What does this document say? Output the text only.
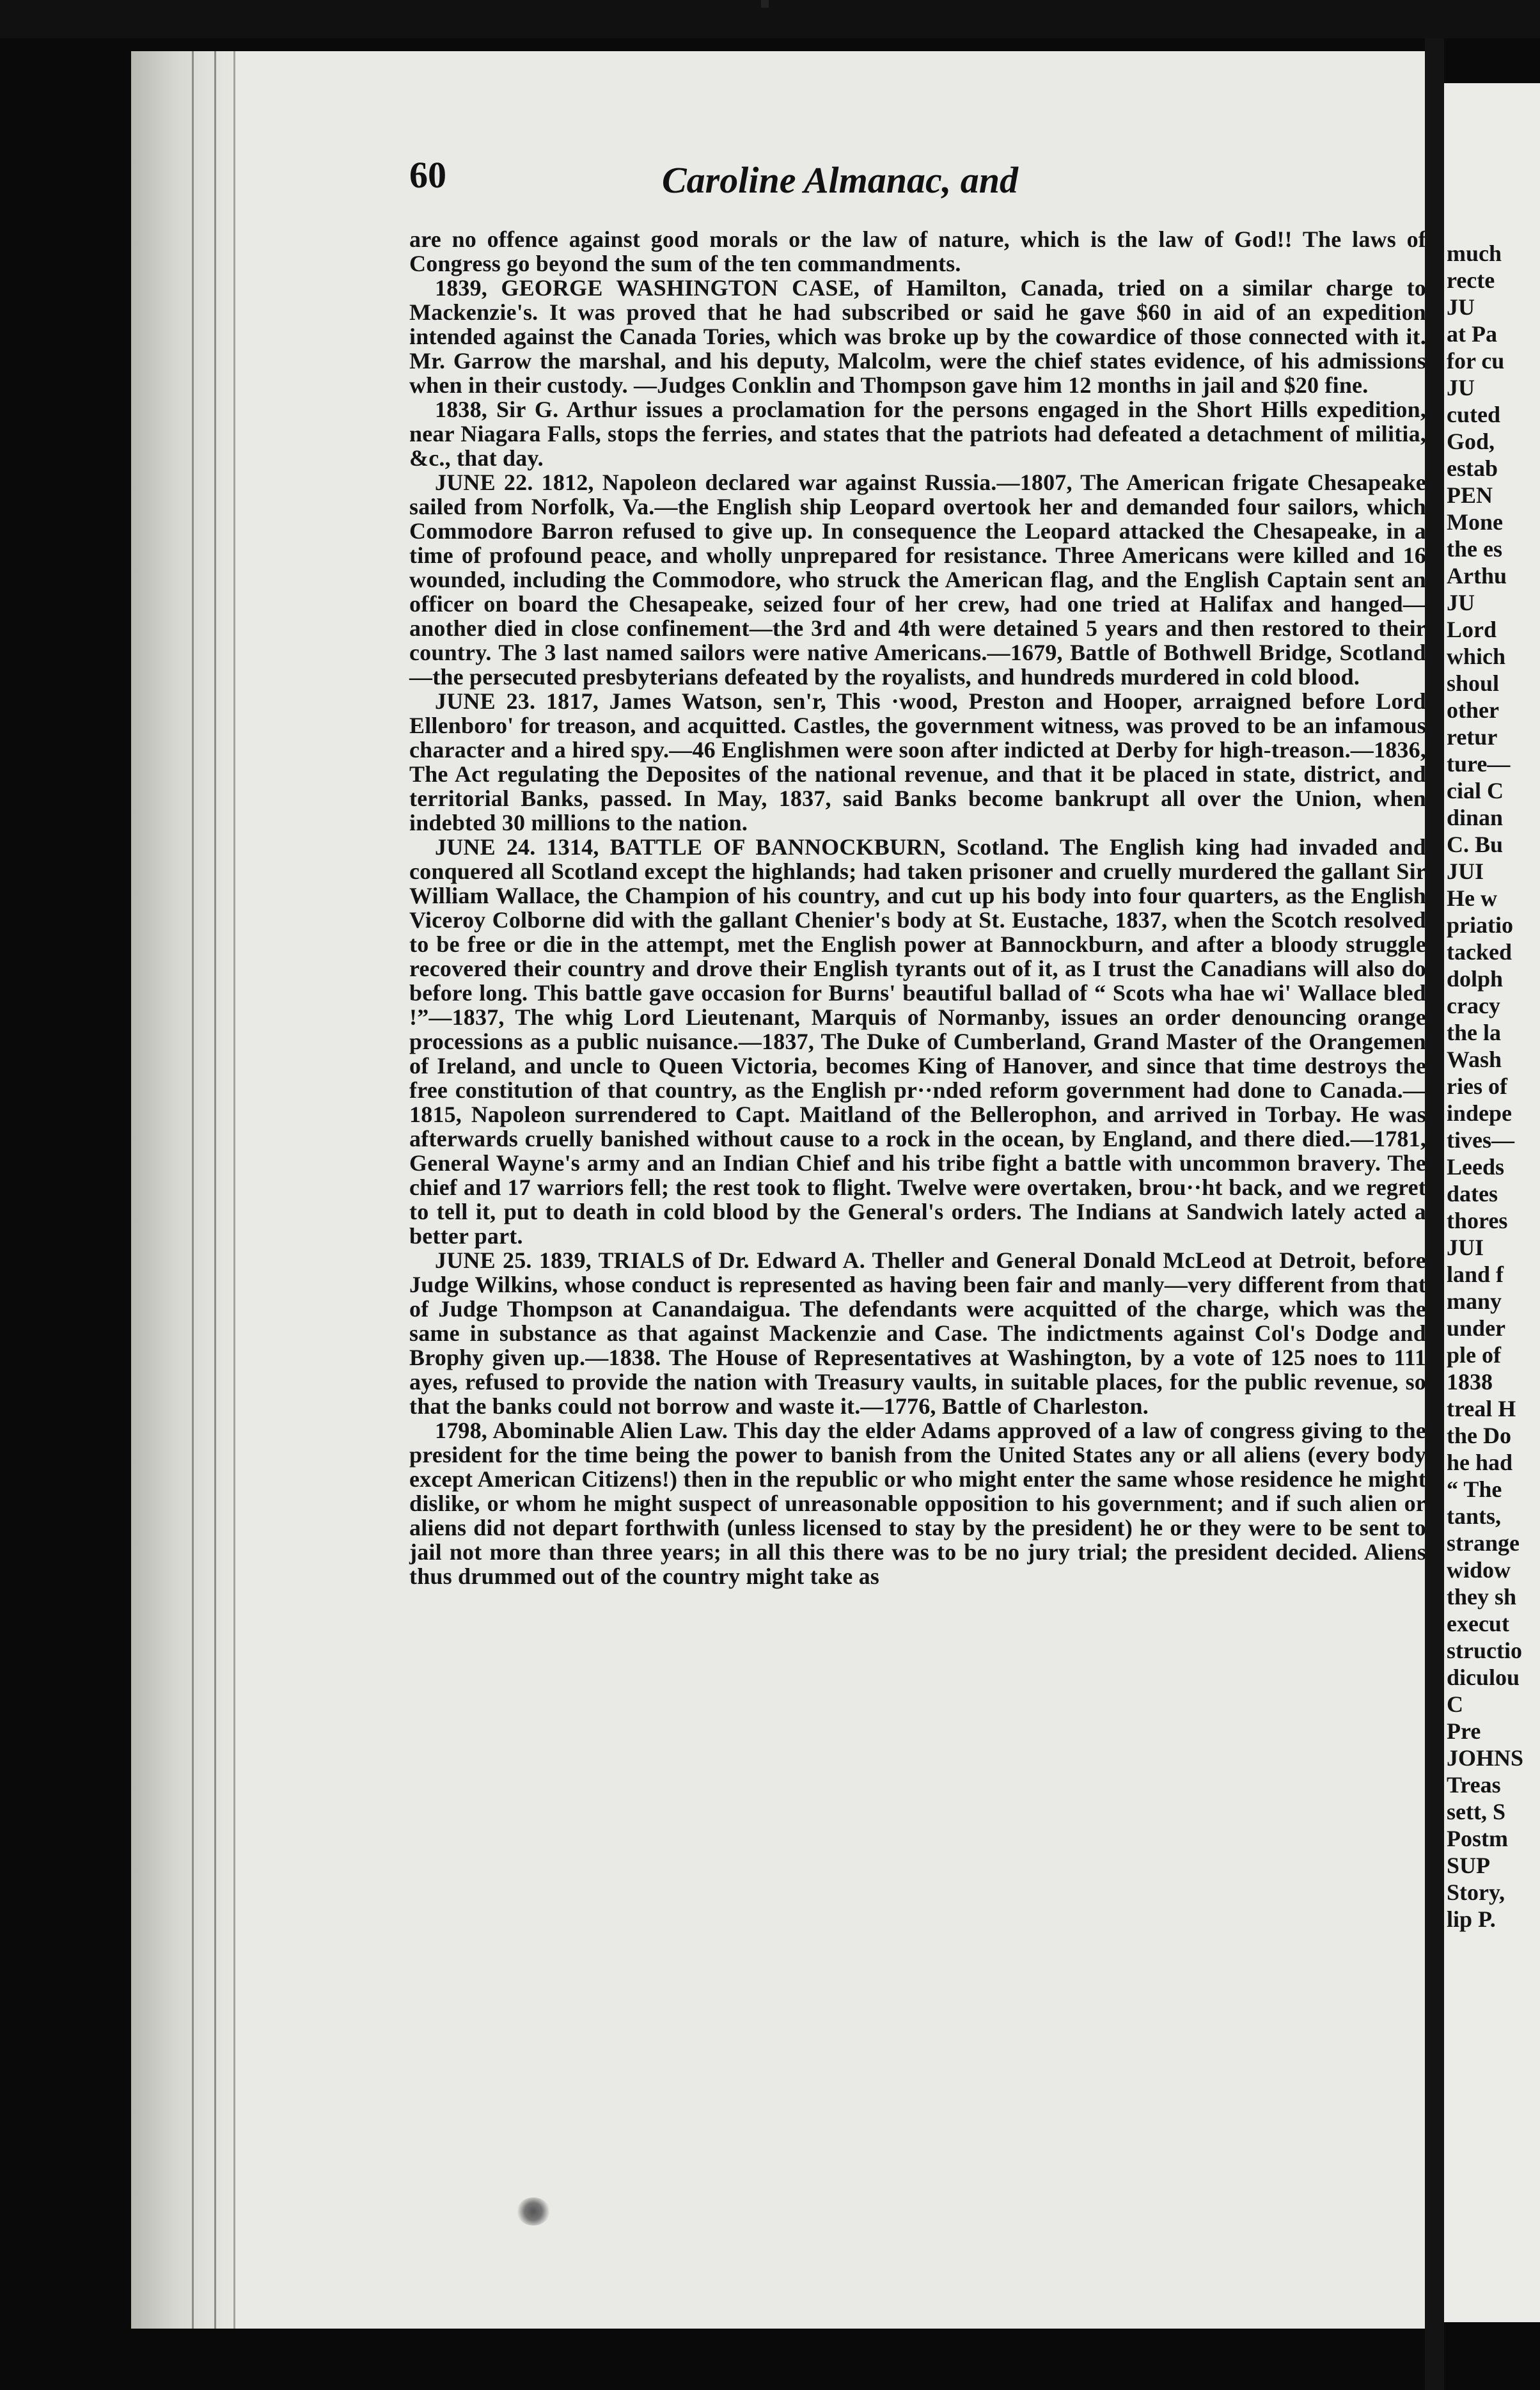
60	Caroline Almanac, and

are no offence against good morals or the law of nature, which is the law of God!! The laws of Congress go beyond the sum of the ten commandments.

1839, GEORGE WASHINGTON CASE, of Hamilton, Canada, tried on a similar charge to Mackenzie's. It was proved that he had subscribed or said he gave $60 in aid of an expedition intended against the Canada Tories, which was broke up by the cowardice of those connected with it. Mr. Garrow the marshal, and his deputy, Malcolm, were the chief states evidence, of his admissions when in their custody. —Judges Conklin and Thompson gave him 12 months in jail and $20 fine.

1838, Sir G. Arthur issues a proclamation for the persons engaged in the Short Hills expedition, near Niagara Falls, stops the ferries, and states that the patriots had defeated a detachment of militia, &c., that day.

JUNE 22. 1812, Napoleon declared war against Russia.—1807, The American frigate Chesapeake sailed from Norfolk, Va.—the English ship Leopard overtook her and demanded four sailors, which Commodore Barron refused to give up. In consequence the Leopard attacked the Chesapeake, in a time of profound peace, and wholly unprepared for resistance. Three Americans were killed and 16 wounded, including the Commodore, who struck the American flag, and the English Captain sent an officer on board the Chesapeake, seized four of her crew, had one tried at Halifax and hanged—another died in close confinement—the 3rd and 4th were detained 5 years and then restored to their country. The 3 last named sailors were native Americans.—1679, Battle of Bothwell Bridge, Scotland—the persecuted presbyterians defeated by the royalists, and hundreds murdered in cold blood.

JUNE 23. 1817, James Watson, sen'r, This ·wood, Preston and Hooper, arraigned before Lord Ellenboro' for treason, and acquitted. Castles, the government witness, was proved to be an infamous character and a hired spy.—46 Englishmen were soon after indicted at Derby for high-treason.—1836, The Act regulating the Deposites of the national revenue, and that it be placed in state, district, and territorial Banks, passed. In May, 1837, said Banks become bankrupt all over the Union, when indebted 30 millions to the nation.

JUNE 24. 1314, BATTLE OF BANNOCKBURN, Scotland. The English king had invaded and conquered all Scotland except the highlands; had taken prisoner and cruelly murdered the gallant Sir William Wallace, the Champion of his country, and cut up his body into four quarters, as the English Viceroy Colborne did with the gallant Chenier's body at St. Eustache, 1837, when the Scotch resolved to be free or die in the attempt, met the English power at Bannockburn, and after a bloody struggle recovered their country and drove their English tyrants out of it, as I trust the Canadians will also do before long. This battle gave occasion for Burns' beautiful ballad of “ Scots wha hae wi' Wallace bled !”—1837, The whig Lord Lieutenant, Marquis of Normanby, issues an order denouncing orange processions as a public nuisance.—1837, The Duke of Cumberland, Grand Master of the Orangemen of Ireland, and uncle to Queen Victoria, becomes King of Hanover, and since that time destroys the free constitution of that country, as the English pr··nded reform government had done to Canada.—1815, Napoleon surrendered to Capt. Maitland of the Bellerophon, and arrived in Torbay. He was afterwards cruelly banished without cause to a rock in the ocean, by England, and there died.—1781, General Wayne's army and an Indian Chief and his tribe fight a battle with uncommon bravery. The chief and 17 warriors fell; the rest took to flight. Twelve were overtaken, brou··ht back, and we regret to tell it, put to death in cold blood by the General's orders. The Indians at Sandwich lately acted a better part.

JUNE 25. 1839, TRIALS of Dr. Edward A. Theller and General Donald McLeod at Detroit, before Judge Wilkins, whose conduct is represented as having been fair and manly—very different from that of Judge Thompson at Canandaigua. The defendants were acquitted of the charge, which was the same in substance as that against Mackenzie and Case. The indictments against Col's Dodge and Brophy given up.—1838. The House of Representatives at Washington, by a vote of 125 noes to 111 ayes, refused to provide the nation with Treasury vaults, in suitable places, for the public revenue, so that the banks could not borrow and waste it.—1776, Battle of Charleston.

1798, Abominable Alien Law. This day the elder Adams approved of a law of congress giving to the president for the time being the power to banish from the United States any or all aliens (every body except American Citizens!) then in the republic or who might enter the same whose residence he might dislike, or whom he might suspect of unreasonable opposition to his government; and if such alien or aliens did not depart forthwith (unless licensed to stay by the president) he or they were to be sent to jail not more than three years; in all this there was to be no jury trial; the president decided. Aliens thus drummed out of the country might take as

much
recte
JU
at Pa
for cu
JU
cuted
God,
estab
PEN
Mone
the es
Arthu
JU
Lord
which
shoul
other
retur
ture—
cial C
dinan
C. Bu
JUI
He w
priatio
tacked
dolph
cracy
the la
Wash
ries of
indepe
tives—
Leeds
dates
thores
JUI
land f
many
under
ple of
1838
treal H
the Do
he had
“ The
tants,
strange
widow
they sh
execut
structio
diculou
C
Pre
JOHNS
Treas
sett, S
Postm
SUP
Story,
lip P.
